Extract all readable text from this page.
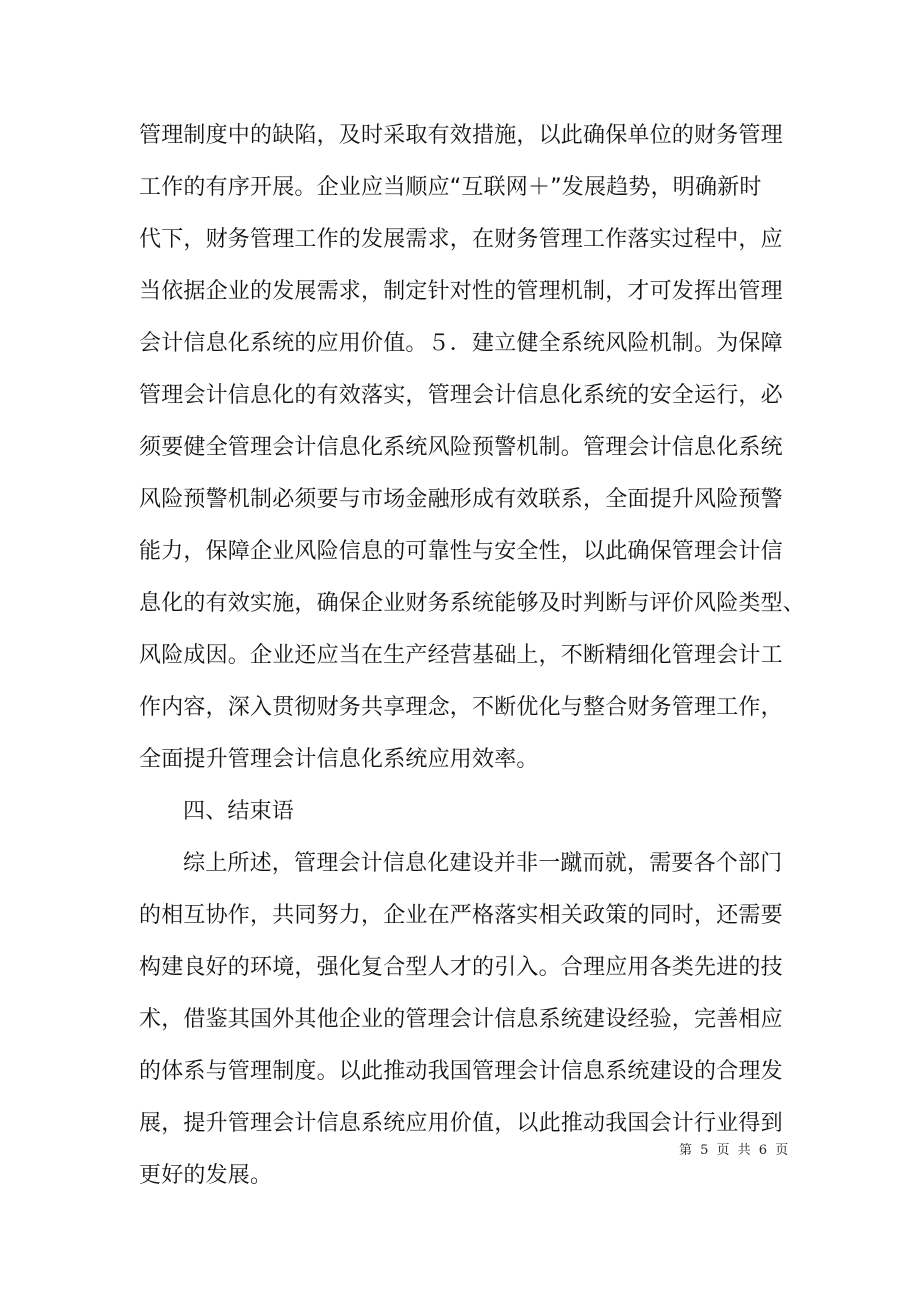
管理制度中的缺陷，及时采取有效措施，以此确保单位的财务管理
工作的有序开展。企业应当顺应“互联网＋”发展趋势，明确新时
代下，财务管理工作的发展需求，在财务管理工作落实过程中，应
当依据企业的发展需求，制定针对性的管理机制，才可发挥出管理
会计信息化系统的应用价值。５．建立健全系统风险机制。为保障
管理会计信息化的有效落实，管理会计信息化系统的安全运行，必
须要健全管理会计信息化系统风险预警机制。管理会计信息化系统
风险预警机制必须要与市场金融形成有效联系，全面提升风险预警
能力，保障企业风险信息的可靠性与安全性，以此确保管理会计信
息化的有效实施，确保企业财务系统能够及时判断与评价风险类型、
风险成因。企业还应当在生产经营基础上，不断精细化管理会计工
作内容，深入贯彻财务共享理念，不断优化与整合财务管理工作，
全面提升管理会计信息化系统应用效率。
四、结束语
综上所述，管理会计信息化建设并非一蹴而就，需要各个部门
的相互协作，共同努力，企业在严格落实相关政策的同时，还需要
构建良好的环境，强化复合型人才的引入。合理应用各类先进的技
术，借鉴其国外其他企业的管理会计信息系统建设经验，完善相应
的体系与管理制度。以此推动我国管理会计信息系统建设的合理发
展，提升管理会计信息系统应用价值，以此推动我国会计行业得到
更好的发展。
第 5 页 共 6 页
